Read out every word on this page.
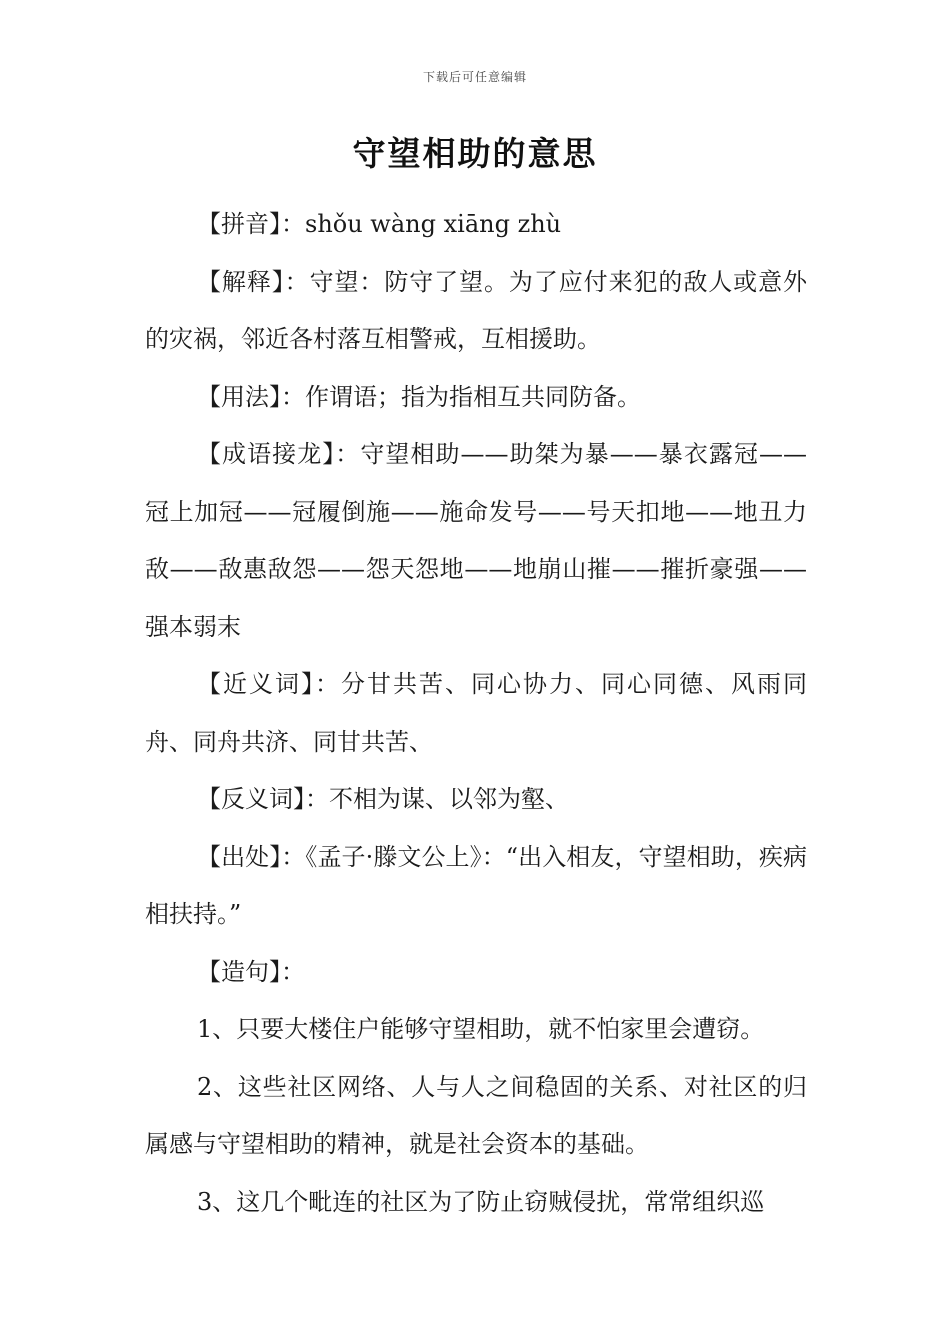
下载后可任意编辑
守望相助的意思

【拼音】：shǒu wàng xiāng zhù

【解释】：守望：防守了望。为了应付来犯的敌人或意外的灾祸，邻近各村落互相警戒，互相援助。

【用法】：作谓语；指为指相互共同防备。

【成语接龙】：守望相助——助桀为暴——暴衣露冠——冠上加冠——冠履倒施——施命发号——号天扣地——地丑力敌——敌惠敌怨——怨天怨地——地崩山摧——摧折豪强——强本弱末

【近义词】：分甘共苦、同心协力、同心同德、风雨同舟、同舟共济、同甘共苦、

【反义词】：不相为谋、以邻为壑、

【出处】：《孟子·滕文公上》：“出入相友，守望相助，疾病相扶持。”

【造句】：

1、只要大楼住户能够守望相助，就不怕家里会遭窃。

2、这些社区网络、人与人之间稳固的关系、对社区的归属感与守望相助的精神，就是社会资本的基础。

3、这几个毗连的社区为了防止窃贼侵扰，常常组织巡
